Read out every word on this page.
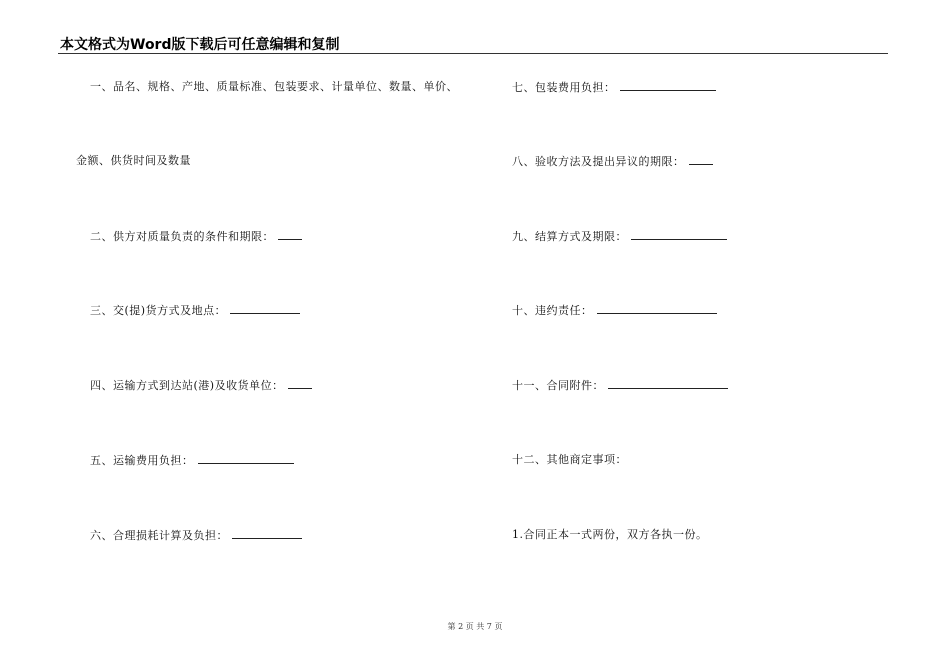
本文格式为Word版下载后可任意编辑和复制
一、品名、规格、产地、质量标准、包装要求、计量单位、数量、单价、
金额、供货时间及数量
二、供方对质量负责的条件和期限：
三、交(提)货方式及地点：
四、运输方式到达站(港)及收货单位：
五、运输费用负担：
六、合理损耗计算及负担：
七、包装费用负担：
八、验收方法及提出异议的期限：
九、结算方式及期限：
十、违约责任：
十一、合同附件：
十二、其他商定事项：
1.合同正本一式两份，双方各执一份。
第 2 页 共 7 页
